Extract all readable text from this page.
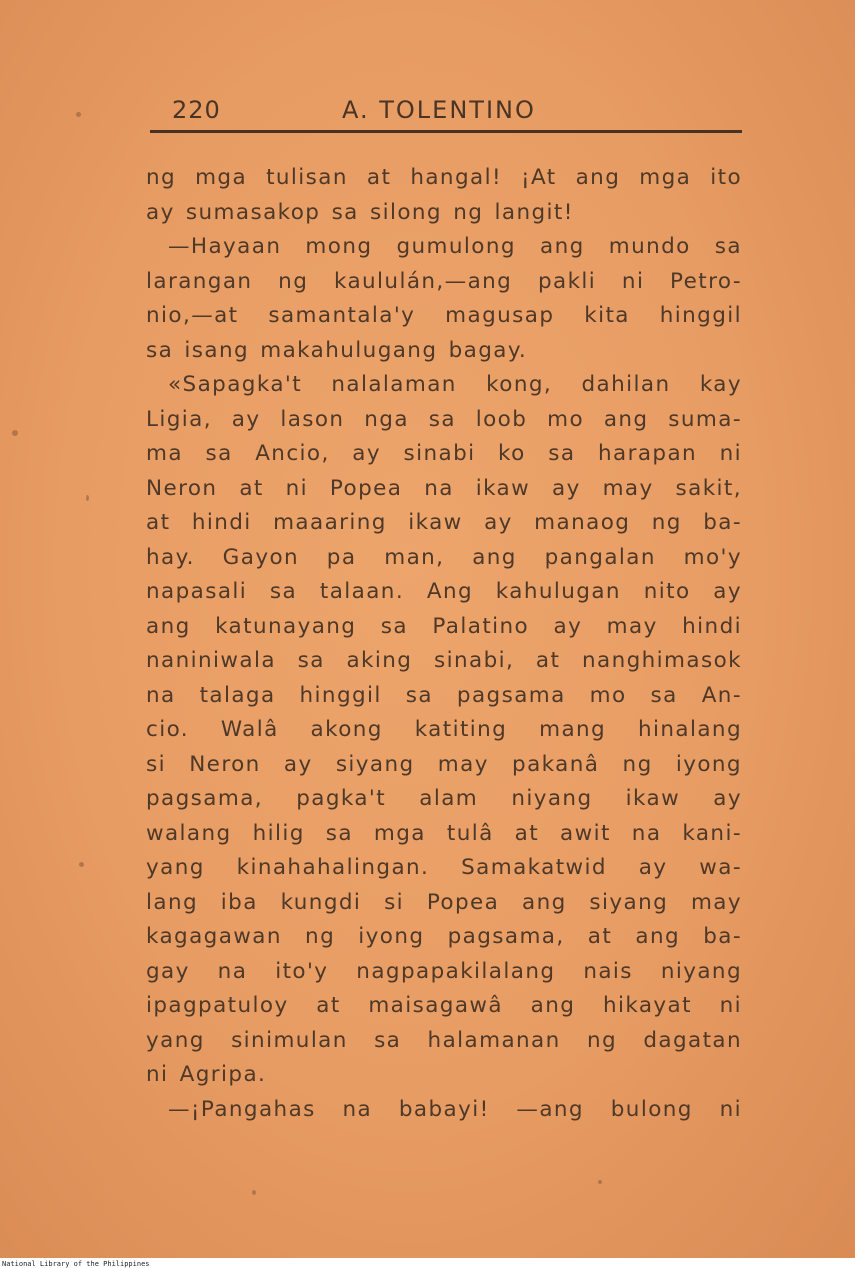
220	A. TOLENTINO
ng mga tulisan at hangal! ¡At ang mga ito
ay sumasakop sa silong ng langit!
—Hayaan mong gumulong ang mundo sa
larangan ng kaululán,—ang pakli ni Petro-
nio,—at samantala'y magusap kita hinggil
sa isang makahulugang bagay.
«Sapagka't nalalaman kong, dahilan kay
Ligia, ay lason nga sa loob mo ang suma-
ma sa Ancio, ay sinabi ko sa harapan ni
Neron at ni Popea na ikaw ay may sakit,
at hindi maaaring ikaw ay manaog ng ba-
hay. Gayon pa man, ang pangalan mo'y
napasali sa talaan. Ang kahulugan nito ay
ang katunayang sa Palatino ay may hindi
naniniwala sa aking sinabi, at nanghimasok
na talaga hinggil sa pagsama mo sa An-
cio. Walâ akong katiting mang hinalang
si Neron ay siyang may pakanâ ng iyong
pagsama, pagka't alam niyang ikaw ay
walang hilig sa mga tulâ at awit na kani-
yang kinahahalingan. Samakatwid ay wa-
lang iba kungdi si Popea ang siyang may
kagagawan ng iyong pagsama, at ang ba-
gay na ito'y nagpapakilalang nais niyang
ipagpatuloy at maisagawâ ang hikayat ni
yang sinimulan sa halamanan ng dagatan
ni Agripa.
—¡Pangahas na babayi! —ang bulong ni
National Library of the Philippines
